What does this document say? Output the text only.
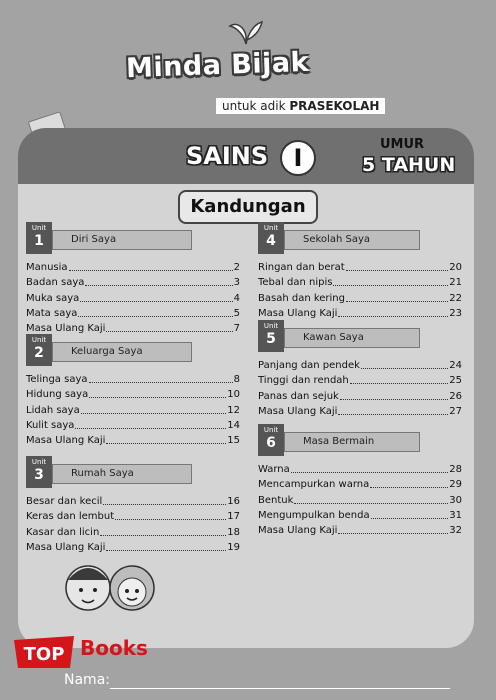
Minda Bijak
untuk adik PRASEKOLAH
SAINS	I	UMUR
5 TAHUN
Kandungan
Unit
1	Diri Saya
Manusia	2
Badan saya	3
Muka saya	4
Mata saya	5
Masa Ulang Kaji	7
Unit
2	Keluarga Saya
Telinga saya	8
Hidung saya	10
Lidah saya	12
Kulit saya	14
Masa Ulang Kaji	15
Unit
3	Rumah Saya
Besar dan kecil	16
Keras dan lembut	17
Kasar dan licin	18
Masa Ulang Kaji	19
Unit
4	Sekolah Saya
Ringan dan berat	20
Tebal dan nipis	21
Basah dan kering	22
Masa Ulang Kaji	23
Unit
5	Kawan Saya
Panjang dan pendek	24
Tinggi dan rendah	25
Panas dan sejuk	26
Masa Ulang Kaji	27
Unit
6	Masa Bermain
Warna	28
Mencampurkan warna	29
Bentuk	30
Mengumpulkan benda	31
Masa Ulang Kaji	32
TOP Books
Nama:
